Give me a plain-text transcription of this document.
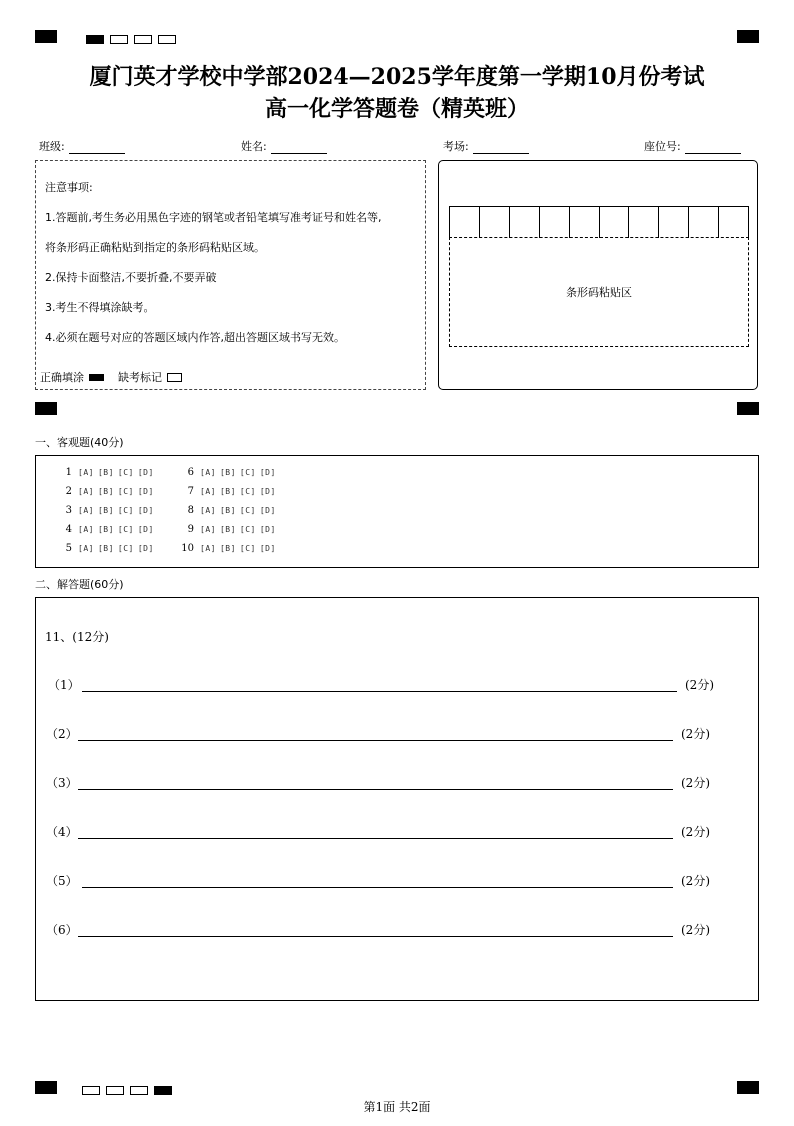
厦门英才学校中学部2024—2025学年度第一学期10月份考试
高一化学答题卷（精英班）
班级:	姓名:	考场:	座位号:
注意事项:
1.答题前,考生务必用黑色字迹的钢笔或者铅笔填写准考证号和姓名等,
将条形码正确粘贴到指定的条形码粘贴区域。
2.保持卡面整洁,不要折叠,不要弄破
3.考生不得填涂缺考。
4.必须在题号对应的答题区域内作答,超出答题区域书写无效。
正确填涂	缺考标记
条形码粘贴区
一、客观题(40分)
1 [A] [B] [C] [D]
2 [A] [B] [C] [D]
3 [A] [B] [C] [D]
4 [A] [B] [C] [D]
5 [A] [B] [C] [D]
6 [A] [B] [C] [D]
7 [A] [B] [C] [D]
8 [A] [B] [C] [D]
9 [A] [B] [C] [D]
10 [A] [B] [C] [D]
二、解答题(60分)
11、(12分)
（1）	(2分)
（2）	(2分)
（3）	(2分)
（4）	(2分)
（5）	(2分)
（6）	(2分)
第1面 共2面
